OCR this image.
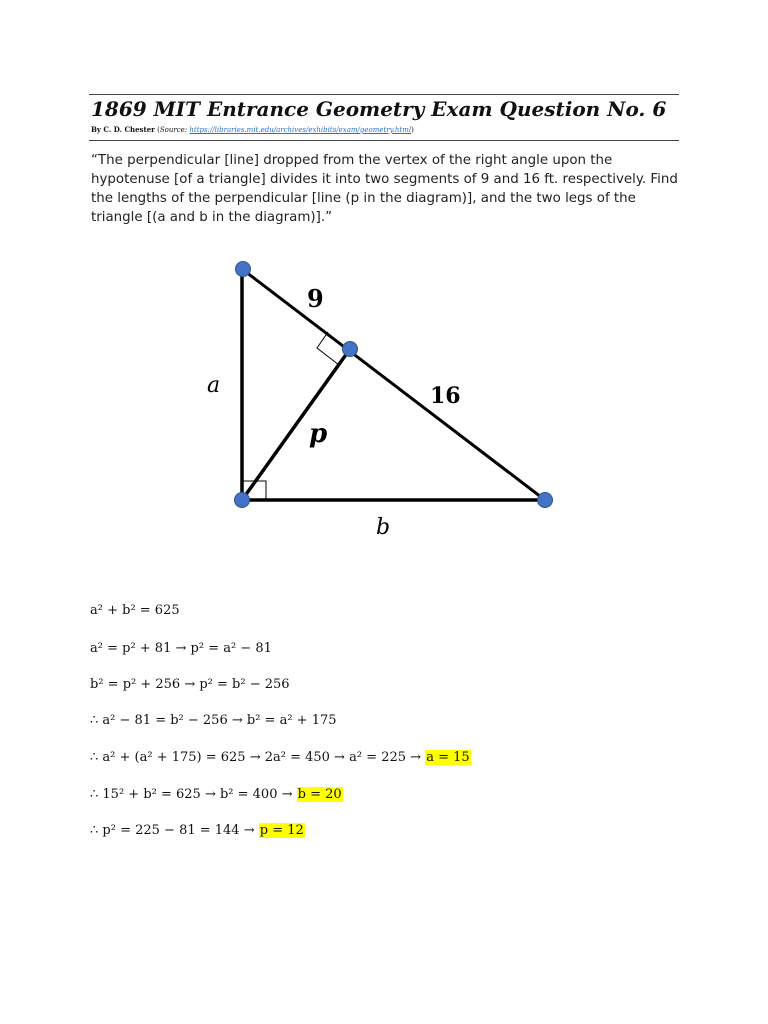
1869 MIT Entrance Geometry Exam Question No. 6
By C. D. Chester (Source: https://libraries.mit.edu/archives/exhibits/exam/geometry.html)
“The perpendicular [line] dropped from the vertex of the right angle upon the hypotenuse [of a triangle] divides it into two segments of 9 and 16 ft. respectively. Find the lengths of the perpendicular [line (p in the diagram)], and the two legs of the triangle [(a and b in the diagram)].”
a
b
p
9
16
a² + b² = 625
a² = p² + 81 → p² = a² − 81
b² = p² + 256 → p² = b² − 256
∴ a² − 81 = b² − 256 → b² = a² + 175
∴ a² + (a² + 175) = 625 → 2a² = 450 → a² = 225 → a = 15
∴ 15² + b² = 625 → b² = 400 → b = 20
∴ p² = 225 − 81 = 144 → p = 12
